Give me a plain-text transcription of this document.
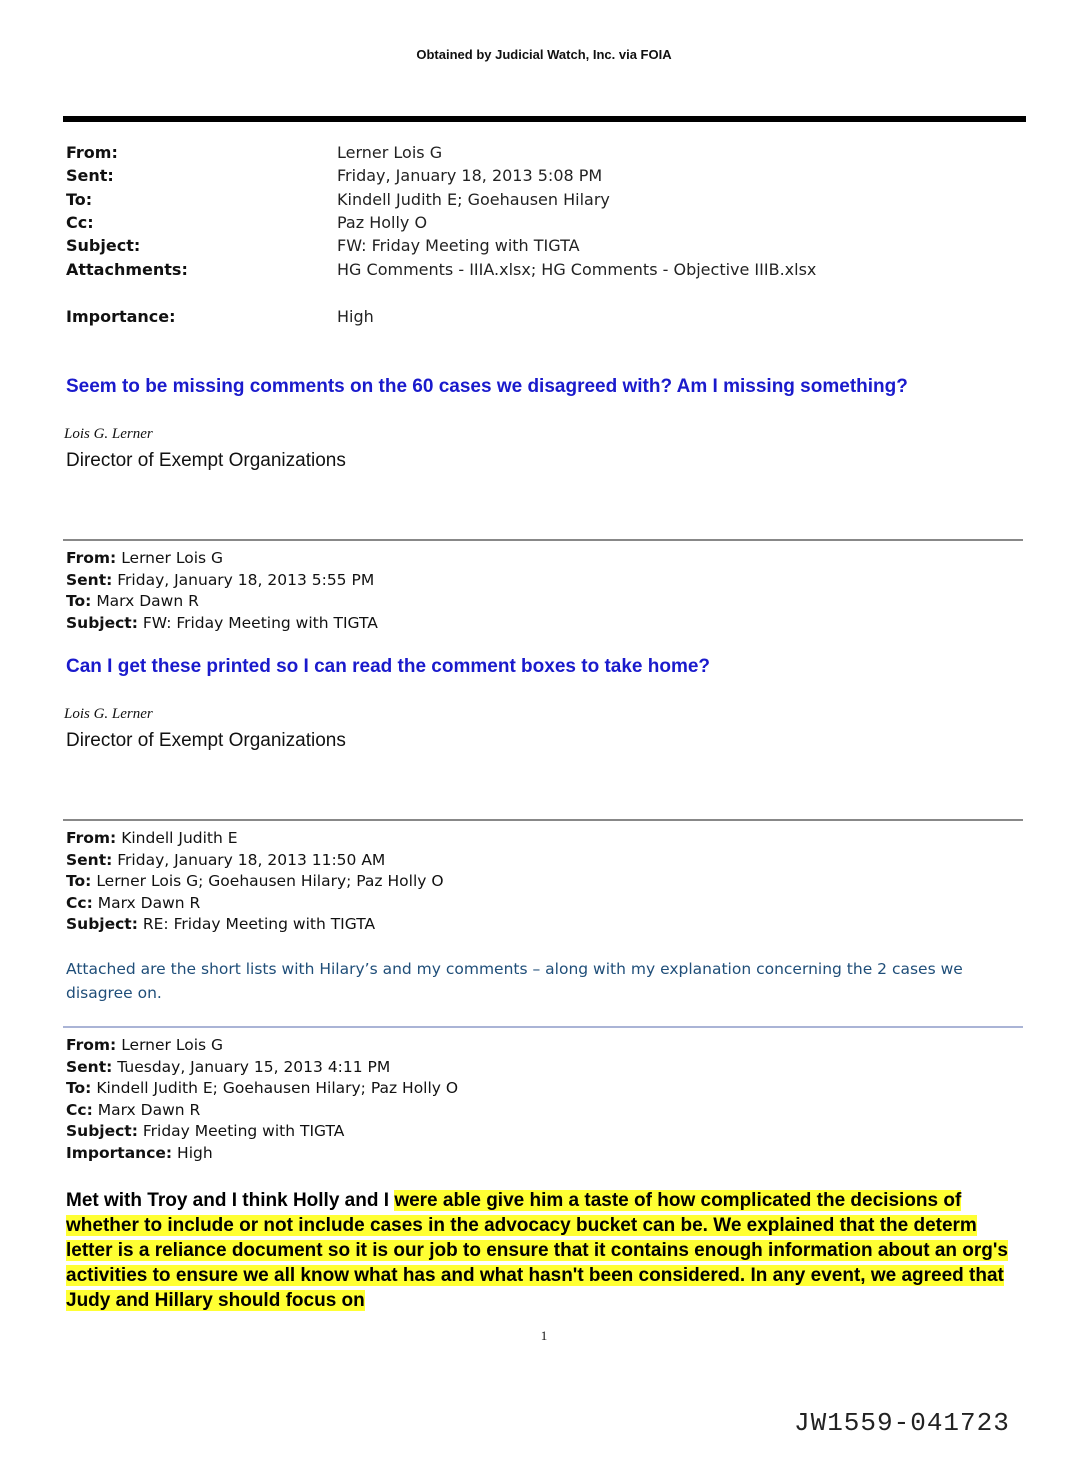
Obtained by Judicial Watch, Inc. via FOIA
From:	Lerner Lois G
Sent:	Friday, January 18, 2013 5:08 PM
To:	Kindell Judith E; Goehausen Hilary
Cc:	Paz Holly O
Subject:	FW: Friday Meeting with TIGTA
Attachments:	HG Comments - IIIA.xlsx; HG Comments - Objective IIIB.xlsx
Importance:	High
Seem to be missing comments on the 60 cases we disagreed with? Am I missing something?
Lois G. Lerner
Director of Exempt Organizations
From: Lerner Lois G
Sent: Friday, January 18, 2013 5:55 PM
To: Marx Dawn R
Subject: FW: Friday Meeting with TIGTA
Can I get these printed so I can read the comment boxes to take home?
Lois G. Lerner
Director of Exempt Organizations
From: Kindell Judith E
Sent: Friday, January 18, 2013 11:50 AM
To: Lerner Lois G; Goehausen Hilary; Paz Holly O
Cc: Marx Dawn R
Subject: RE: Friday Meeting with TIGTA
Attached are the short lists with Hilary’s and my comments – along with my explanation concerning the 2 cases we disagree on.
From: Lerner Lois G
Sent: Tuesday, January 15, 2013 4:11 PM
To: Kindell Judith E; Goehausen Hilary; Paz Holly O
Cc: Marx Dawn R
Subject: Friday Meeting with TIGTA
Importance: High
Met with Troy and I think Holly and I were able give him a taste of how complicated the decisions of whether to include or not include cases in the advocacy bucket can be. We explained that the determ letter is a reliance document so it is our job to ensure that it contains enough information about an org's activities to ensure we all know what has and what hasn't been considered. In any event, we agreed that Judy and Hillary should focus on
1
JW1559-041723
